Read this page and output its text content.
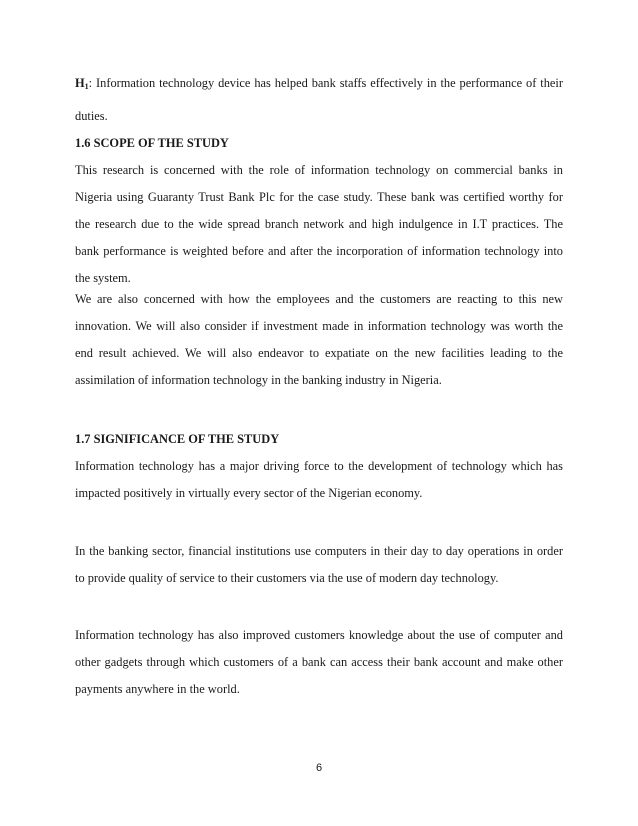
$H_1$: Information technology device has helped bank staffs effectively in the performance of their
duties.
1.6 SCOPE OF THE STUDY
This research is concerned with the role of information technology on commercial banks in
Nigeria using Guaranty Trust Bank Plc for the case study. These bank was certified worthy for
the research due to the wide spread branch network and high indulgence in I.T practices. The
bank performance is weighted before and after the incorporation of information technology into
the system.
We are also concerned with how the employees and the customers are reacting to this new
innovation. We will also consider if investment made in information technology was worth the
end result achieved. We will also endeavor to expatiate on the new facilities leading to the
assimilation of information technology in the banking industry in Nigeria.
1.7 SIGNIFICANCE OF THE STUDY
Information technology has a major driving force to the development of technology which has
impacted positively in virtually every sector of the Nigerian economy.
In the banking sector, financial institutions use computers in their day to day operations in order
to provide quality of service to their customers via the use of modern day technology.
Information technology has also improved customers knowledge about the use of computer and
other gadgets through which customers of a bank can access their bank account and make other
payments anywhere in the world.
6
